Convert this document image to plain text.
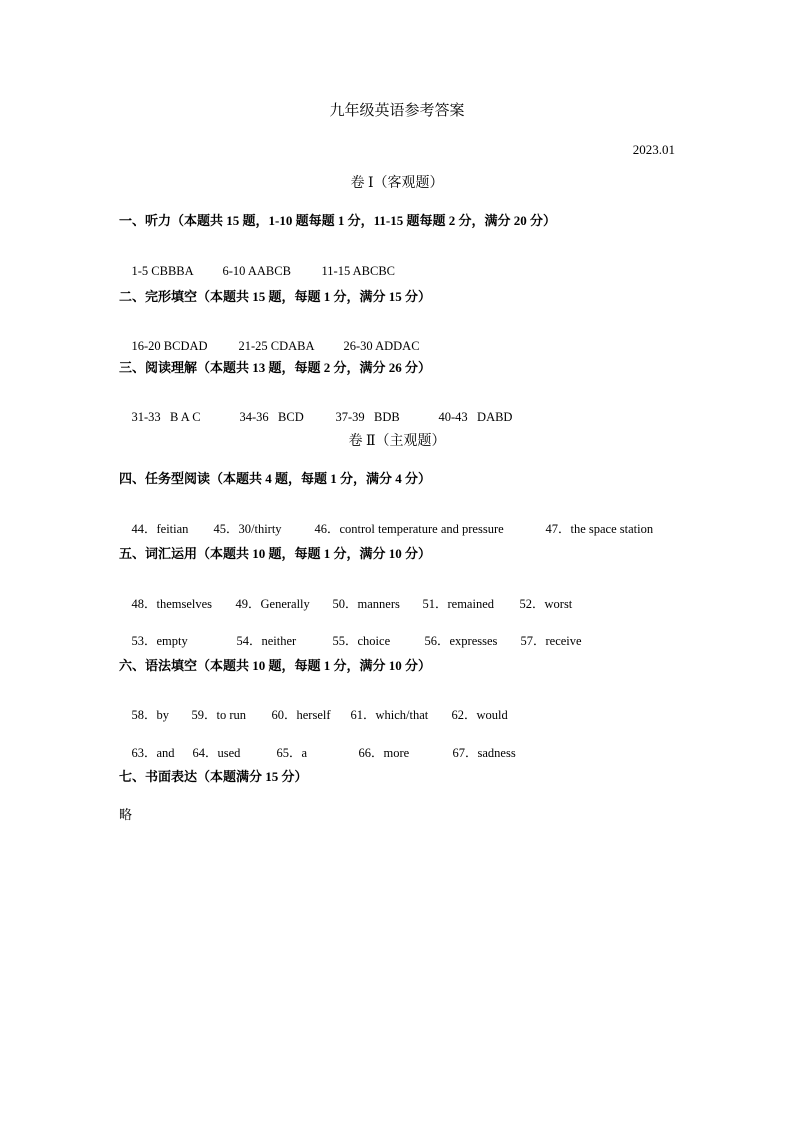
九年级英语参考答案
2023.01
卷 Ⅰ（客观题）
一、听力（本题共 15 题，1-10 题每题 1 分，11-15 题每题 2 分，满分 20 分）

1-5 CBBBA 6-10 AABCB 11-15 ABCBC

二、完形填空（本题共 15 题，每题 1 分，满分 15 分）

16-20 BCDAD 21-25 CDABA 26-30 ADDAC

三、阅读理解（本题共 13 题，每题 2 分，满分 26 分）

31-33   B A C	34-36   BCD	37-39   BDB	40-43   DABD

卷 Ⅱ（主观题）
四、任务型阅读（本题共 4 题，每题 1 分，满分 4 分）

44．feitian 45．30/thirty	46．control temperature and pressure	47．the space station

五、词汇运用（本题共 10 题，每题 1 分，满分 10 分）

48．themselves 49．Generally 50．manners 51．remained 52．worst

53．empty	54．neither	55．choice	56．expresses 57．receive

六、语法填空（本题共 10 题，每题 1 分，满分 10 分）

58．by 59．to run 60．herself 61．which/that 62．would

63．and 64．used	65．a	66．more	67．sadness

七、书面表达（本题满分 15 分）
略
